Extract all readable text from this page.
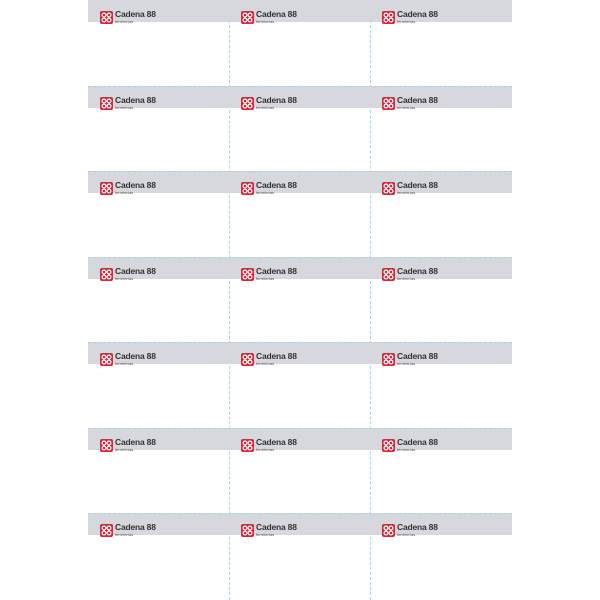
Cadena 88
ferreterías
Cadena 88
ferreterías
Cadena 88
ferreterías
Cadena 88
ferreterías
Cadena 88
ferreterías
Cadena 88
ferreterías
Cadena 88
ferreterías
Cadena 88
ferreterías
Cadena 88
ferreterías
Cadena 88
ferreterías
Cadena 88
ferreterías
Cadena 88
ferreterías
Cadena 88
ferreterías
Cadena 88
ferreterías
Cadena 88
ferreterías
Cadena 88
ferreterías
Cadena 88
ferreterías
Cadena 88
ferreterías
Cadena 88
ferreterías
Cadena 88
ferreterías
Cadena 88
ferreterías
